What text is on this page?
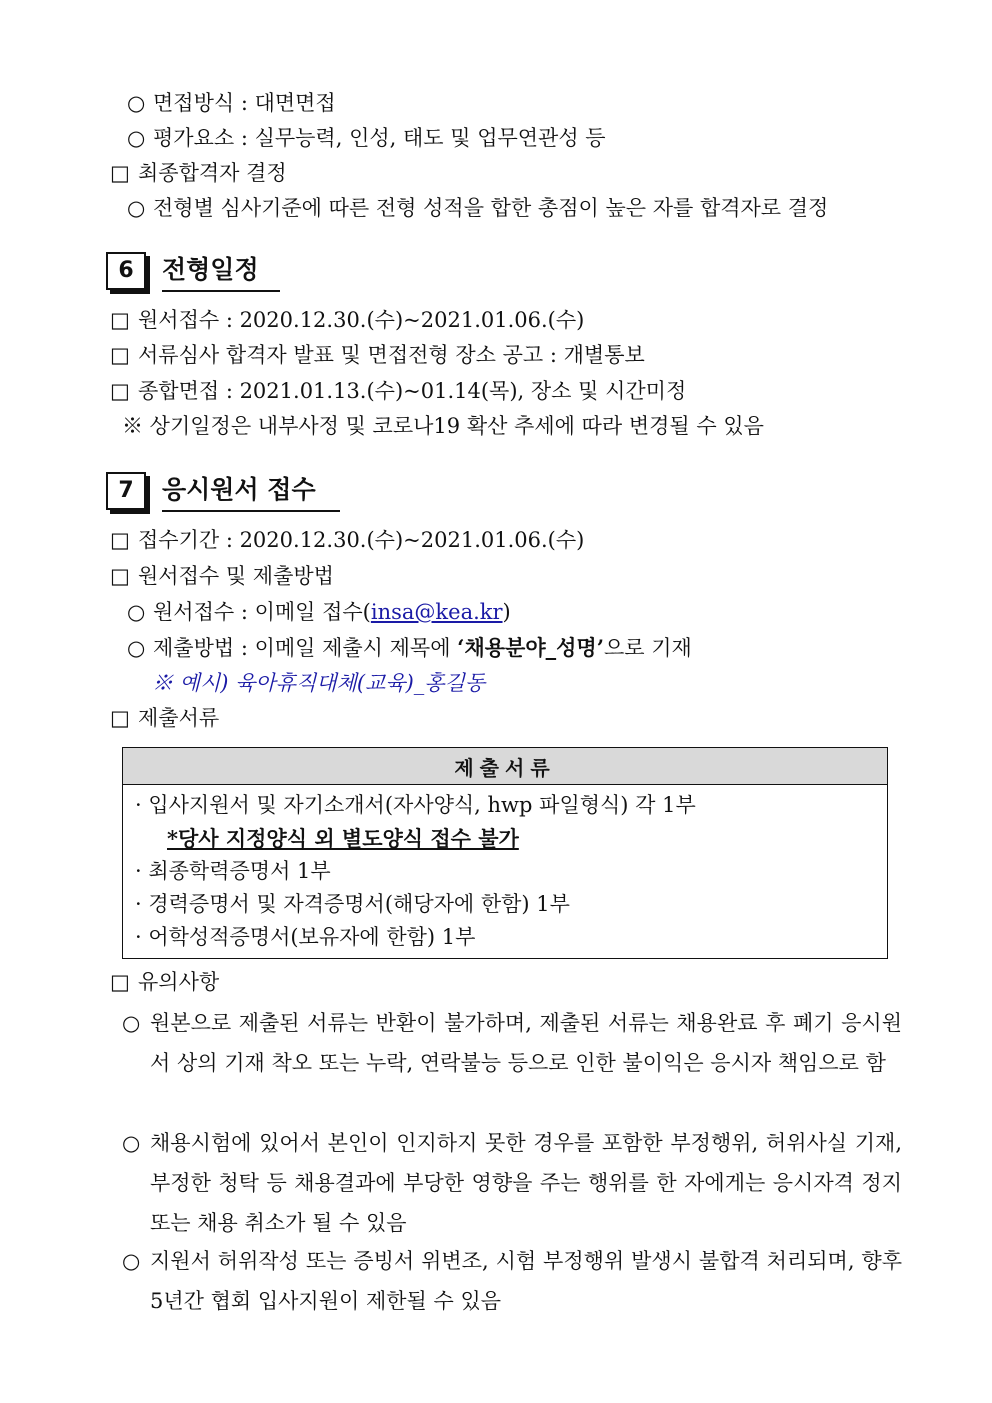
○ 면접방식 : 대면면접
○ 평가요소 : 실무능력, 인성, 태도 및 업무연관성 등
□ 최종합격자 결정
○ 전형별 심사기준에 따른 전형 성적을 합한 총점이 높은 자를 합격자로 결정
6	전형일정
□ 원서접수 : 2020.12.30.(수)~2021.01.06.(수)
□ 서류심사 합격자 발표 및 면접전형 장소 공고 : 개별통보
□ 종합면접 : 2021.01.13.(수)~01.14(목), 장소 및 시간미정
※ 상기일정은 내부사정 및 코로나19 확산 추세에 따라 변경될 수 있음
7	응시원서 접수
□ 접수기간 : 2020.12.30.(수)~2021.01.06.(수)
□ 원서접수 및 제출방법
○ 원서접수 : 이메일 접수(insa@kea.kr)
○ 제출방법 : 이메일 제출시 제목에 ‘채용분야_성명’으로 기재
※ 예시) 육아휴직대체(교육)_홍길동
□ 제출서류
제출서류

· 입사지원서 및 자기소개서(자사양식, hwp 파일형식) 각 1부
*당사 지정양식 외 별도양식 접수 불가
· 최종학력증명서 1부
· 경력증명서 및 자격증명서(해당자에 한함) 1부
· 어학성적증명서(보유자에 한함) 1부
□ 유의사항
○ 원본으로 제출된 서류는 반환이 불가하며, 제출된 서류는 채용완료 후 폐기 응시원서 상의 기재 착오 또는 누락, 연락불능 등으로 인한 불이익은 응시자 책임으로 함
○ 채용시험에 있어서 본인이 인지하지 못한 경우를 포함한 부정행위, 허위사실 기재, 부정한 청탁 등 채용결과에 부당한 영향을 주는 행위를 한 자에게는 응시자격 정지 또는 채용 취소가 될 수 있음
○ 지원서 허위작성 또는 증빙서 위변조, 시험 부정행위 발생시 불합격 처리되며, 향후 5년간 협회 입사지원이 제한될 수 있음
